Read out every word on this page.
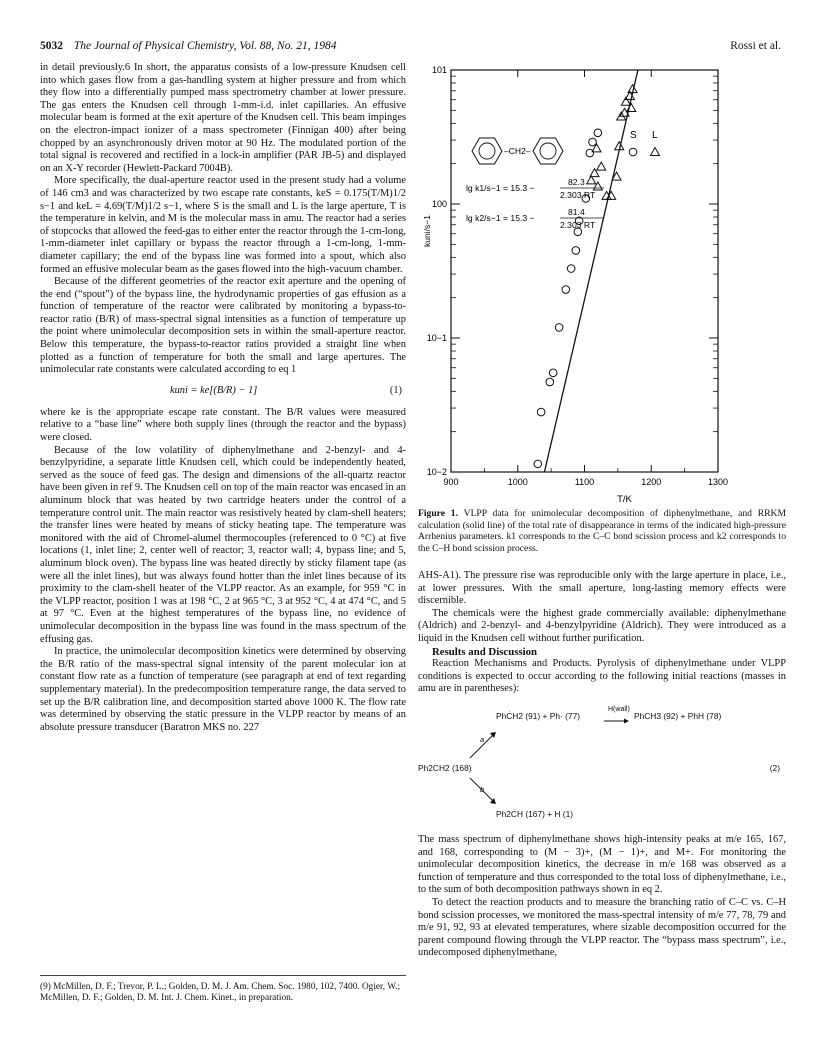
5032 The Journal of Physical Chemistry, Vol. 88, No. 21, 1984	Rossi et al.

in detail previously.6 In short, the apparatus consists of a low-pressure Knudsen cell into which gases flow from a gas-handling system at higher pressure and from which they flow into a differentially pumped mass spectrometry chamber at lower pressure. The gas enters the Knudsen cell through 1-mm-i.d. inlet capillaries. An effusive molecular beam is formed at the exit aperture of the Knudsen cell. This beam impinges on the electron-impact ionizer of a mass spectrometer (Finnigan 400) after being chopped by an asynchronously driven motor at 90 Hz. The modulated portion of the total signal is recovered and rectified in a lock-in amplifier (PAR JB-5) and displayed on an X-Y recorder (Hewlett-Packard 7004B).

More specifically, the dual-aperture reactor used in the present study had a volume of 146 cm3 and was characterized by two escape rate constants, keS = 0.175(T/M)1/2 s−1 and keL = 4.69(T/M)1/2 s−1, where S is the small and L is the large aperture, T is the temperature in kelvin, and M is the molecular mass in amu. The reactor had a series of stopcocks that allowed the feed-gas to either enter the reactor through the 1-cm-long, 1-mm-diameter inlet capillary or bypass the reactor through a 1-cm-long, 1-mm-diameter capillary; the end of the bypass line was formed into a spout, which also formed an effusive molecular beam as the gases flowed into the high-vacuum chamber.

Because of the different geometries of the reactor exit aperture and the opening of the end (“spout”) of the bypass line, the hydrodynamic properties of gas effusion as a function of temperature of the reactor were calibrated by monitoring a bypass-to-reactor ratio (B/R) of mass-spectral signal intensities as a function of temperature up the point where unimolecular decomposition sets in within the small-aperture reactor. Below this temperature, the bypass-to-reactor ratios provided a straight line when plotted as a function of temperature for both the small and large apertures. The unimolecular rate constants were calculated according to eq 1

kuni = ke[(B/R) − 1]	(1)

where ke is the appropriate escape rate constant. The B/R values were measured relative to a “base line” where both supply lines (through the reactor and the bypass) were closed.

Because of the low volatility of diphenylmethane and 2-benzyl- and 4-benzylpyridine, a separate little Knudsen cell, which could be independently heated, served as the souce of feed gas. The design and dimensions of the all-quartz reactor have been given in ref 9. The Knudsen cell on top of the main reactor was encased in an aluminum block that was heated by two cartridge heaters under the control of a temperature control unit. The main reactor was resistively heated by clam-shell heaters; the transfer lines were heated by means of sticky heating tape. The temperature was monitored with the aid of Chromel-alumel thermocouples (referenced to 0 °C) at five locations (1, inlet line; 2, center well of reactor; 3, reactor wall; 4, bypass line; and 5, aluminum block oven). The bypass line was heated directly by sticky filament tape (as were all the inlet lines), but was always found hotter than the inlet lines because of its proximity to the clam-shell heater of the VLPP reactor. As an example, for 959 °C in the VLPP reactor, position 1 was at 198 °C, 2 at 965 °C, 3 at 952 °C, 4 at 474 °C, and 5 at 97 °C. Even at the highest temperatures of the bypass line, no evidence of unimolecular decomposition in the bypass line was found in the mass spectrum of the effusing gas.

In practice, the unimolecular decomposition kinetics were determined by observing the B/R ratio of the mass-spectral signal intensity of the parent molecular ion at constant flow rate as a function of temperature (see paragraph at end of text regarding supplementary material). In the predecomposition temperature range, the data served to set up the B/R calibration line, and decomposition started above 1000 K. The flow rate was determined by observing the static pressure in the VLPP reactor by means of an absolute pressure transducer (Baratron MKS no. 227

(9) McMillen, D. F.; Trevor, P. L.; Golden, D. M. J. Am. Chem. Soc. 1980, 102, 7400. Ogier, W.; McMillen, D. F.; Golden, D. M. Int. J. Chem. Kinet., in preparation.
900	1000	1100	1200	1300
10−2
10−1
100
101
T/K
kuni/s−1
S L
–CH2–
lg k1/s−1 = 15.3 −
82.3
2.303 RT
lg k2/s−1 = 15.3 −
81.4
2.303 RT
Figure 1. VLPP data for unimolecular decomposition of diphenylmethane, and RRKM calculation (solid line) of the total rate of disappearance in terms of the indicated high-pressure Arrhenius parameters. k1 corresponds to the C–C bond scission process and k2 corresponds to the C–H bond scission process.

AHS-A1). The pressure rise was reproducible only with the large aperture in place, i.e., at lower pressures. With the small aperture, long-lasting memory effects were discernible.

The chemicals were the highest grade commercially available: diphenylmethane (Aldrich) and 2-benzyl- and 4-benzylpyridine (Aldrich). They were introduced as a liquid in the Knudsen cell without further purification.

Results and Discussion

Reaction Mechanisms and Products. Pyrolysis of diphenylmethane under VLPP conditions is expected to occur according to the following initial reactions (masses in amu are in parentheses):

PhĊH2 (91) + Ph· (77)
H(wall)
→ PhCH3 (92) + PhH (78)
a
Ph2CH2 (168)	(2)
b
Ph2ĊH (167) + H (1)

The mass spectrum of diphenylmethane shows high-intensity peaks at m/e 165, 167, and 168, corresponding to (M − 3)+, (M − 1)+, and M+. For monitoring the unimolecular decomposition kinetics, the decrease in m/e 168 was observed as a function of temperature and thus corresponded to the total loss of diphenylmethane, i.e., to the sum of both decomposition pathways shown in eq 2.

To detect the reaction products and to measure the branching ratio of C–C vs. C–H bond scission processes, we monitored the mass-spectral intensity of m/e 77, 78, 79 and m/e 91, 92, 93 at elevated temperatures, where sizable decomposition occurred for the parent compound flowing through the VLPP reactor. The “bypass mass spectrum”, i.e., undecomposed diphenylmethane,
